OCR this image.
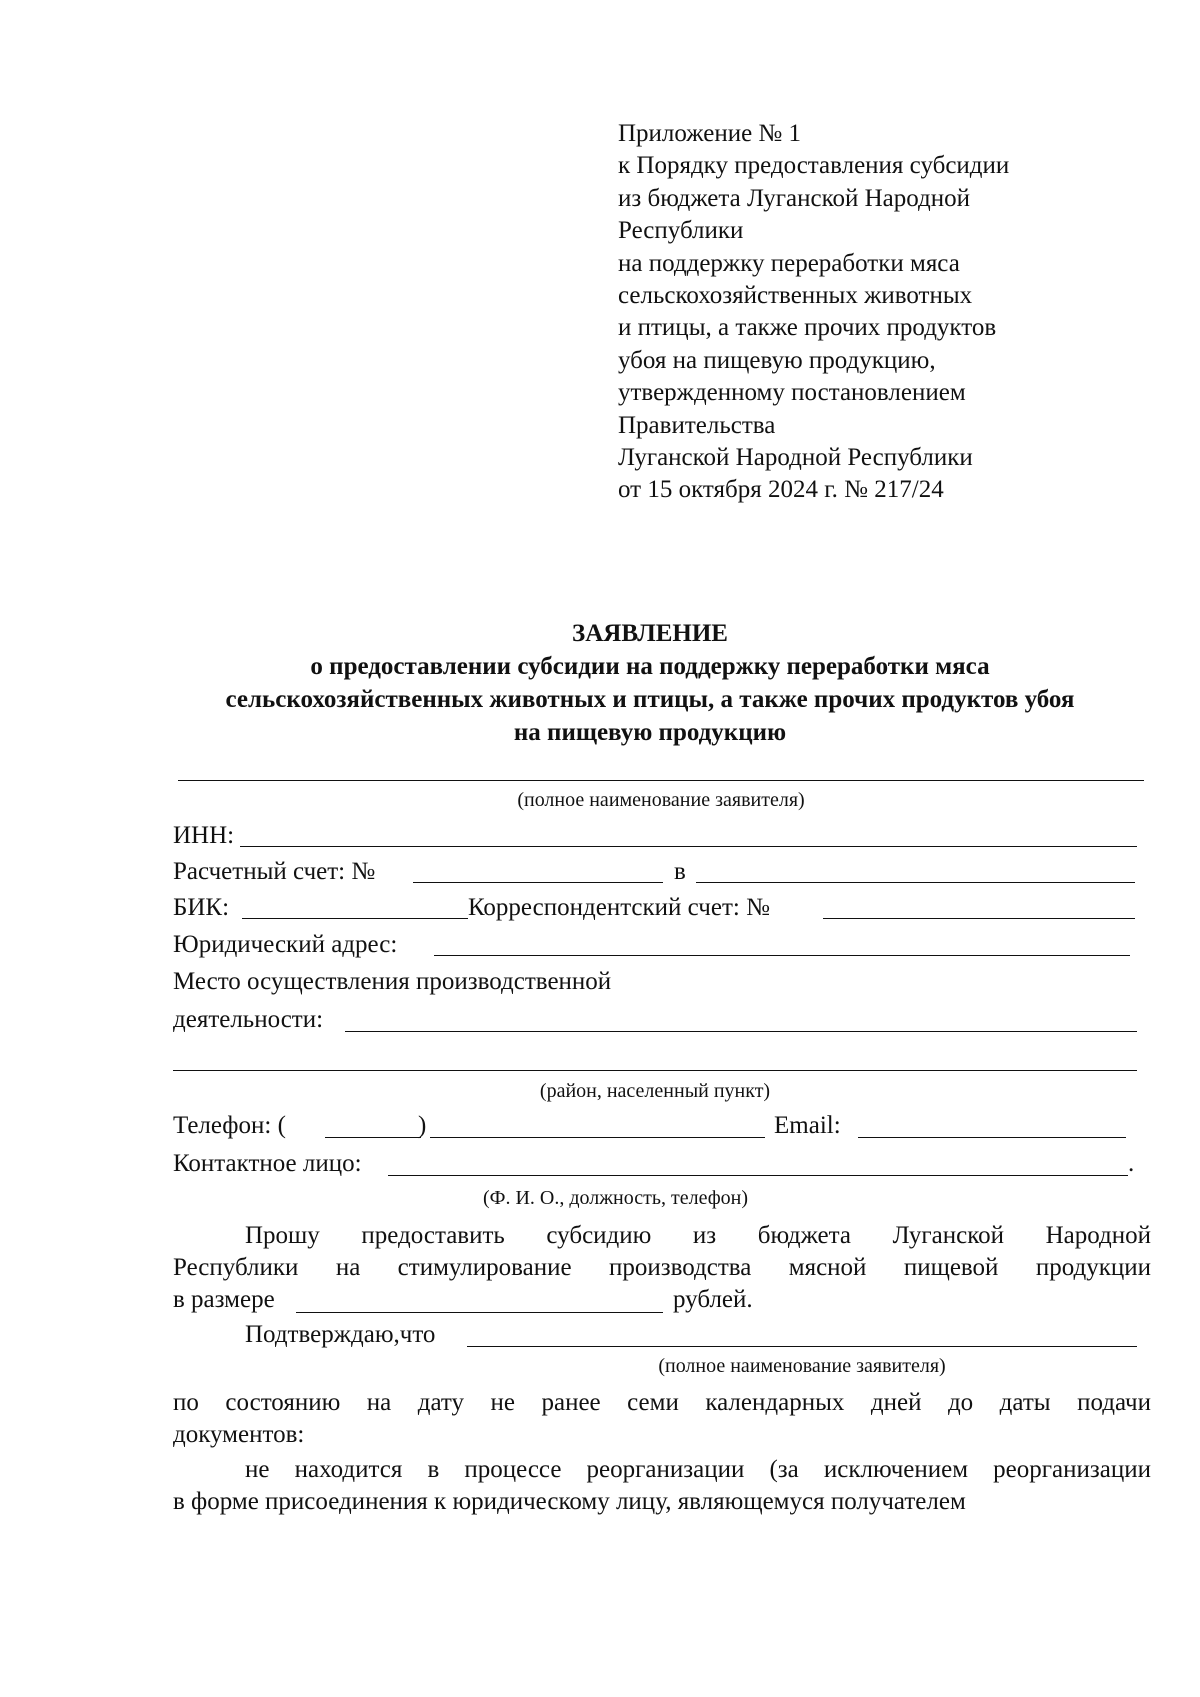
Приложение № 1
к Порядку предоставления субсидии
из бюджета Луганской Народной
Республики
на поддержку переработки мяса
сельскохозяйственных животных
и птицы, а также прочих продуктов
убоя на пищевую продукцию,
утвержденному постановлением
Правительства
Луганской Народной Республики
от 15 октября 2024 г. № 217/24
ЗАЯВЛЕНИЕ
о предоставлении субсидии на поддержку переработки мяса
сельскохозяйственных животных и птицы, а также прочих продуктов убоя
на пищевую продукцию
(полное наименование заявителя)
ИНН:
Расчетный счет: №	в
БИК:	Корреспондентский счет: №
Юридический адрес:
Место осуществления производственной
деятельности:
(район, населенный пункт)
Телефон: (	)	Email:
Контактное лицо:	.
(Ф. И. О., должность, телефон)
Прошу предоставить субсидию из бюджета Луганской Народной
Республики на стимулирование производства мясной пищевой продукции
в размере	рублей.
Подтверждаю,что
(полное наименование заявителя)
по состоянию на дату не ранее семи календарных дней до даты подачи
документов:
не находится в процессе реорганизации (за исключением реорганизации
в форме присоединения к юридическому лицу, являющемуся получателем
